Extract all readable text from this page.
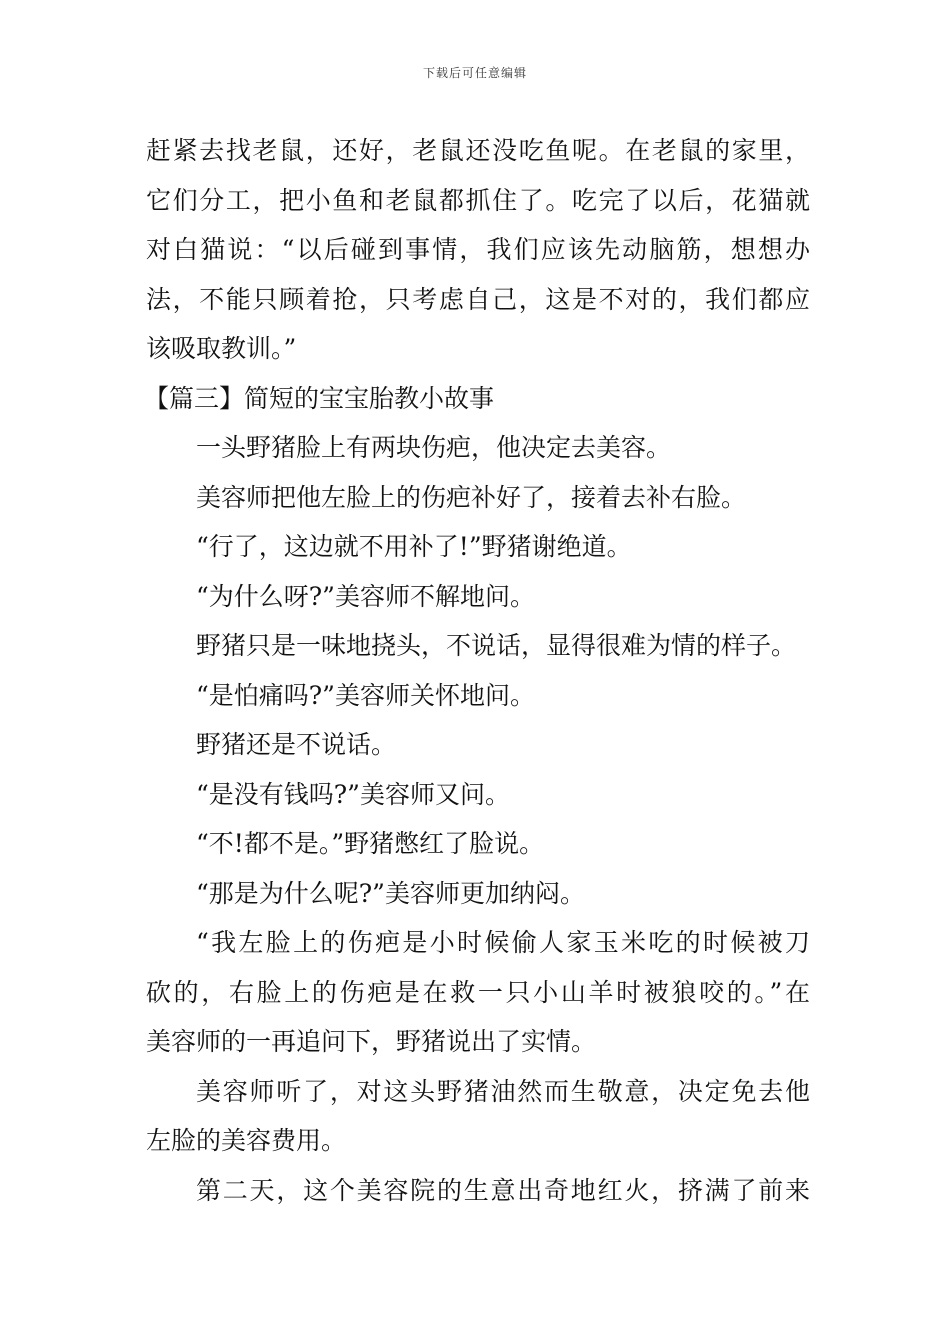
下载后可任意编辑
赶紧去找老鼠，还好，老鼠还没吃鱼呢。在老鼠的家里，
它们分工，把小鱼和老鼠都抓住了。吃完了以后，花猫就
对白猫说：“以后碰到事情，我们应该先动脑筋，想想办
法，不能只顾着抢，只考虑自己，这是不对的，我们都应
该吸取教训。”
【篇三】简短的宝宝胎教小故事
一头野猪脸上有两块伤疤，他决定去美容。
美容师把他左脸上的伤疤补好了，接着去补右脸。
“行了，这边就不用补了!”野猪谢绝道。
“为什么呀?”美容师不解地问。
野猪只是一味地挠头，不说话，显得很难为情的样子。
“是怕痛吗?”美容师关怀地问。
野猪还是不说话。
“是没有钱吗?”美容师又问。
“不!都不是。”野猪憋红了脸说。
“那是为什么呢?”美容师更加纳闷。
“我左脸上的伤疤是小时候偷人家玉米吃的时候被刀
砍的，右脸上的伤疤是在救一只小山羊时被狼咬的。”在
美容师的一再追问下，野猪说出了实情。
美容师听了，对这头野猪油然而生敬意，决定免去他
左脸的美容费用。
第二天，这个美容院的生意出奇地红火，挤满了前来
